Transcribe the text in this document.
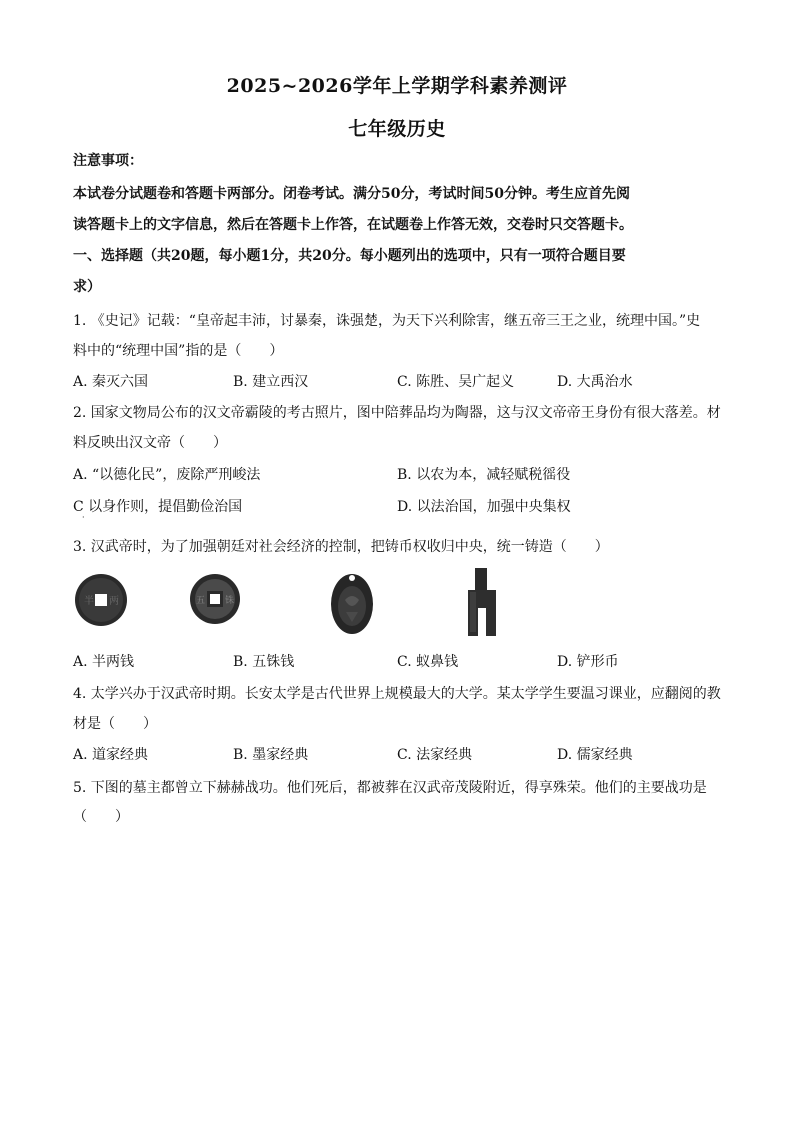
2025~2026学年上学期学科素养测评
七年级历史
注意事项：
本试卷分试题卷和答题卡两部分。闭卷考试。满分50分，考试时间50分钟。考生应首先阅
读答题卡上的文字信息，然后在答题卡上作答，在试题卷上作答无效，交卷时只交答题卡。
一、选择题（共20题，每小题1分，共20分。每小题列出的选项中，只有一项符合题目要
求）
1. 《史记》记载：“皇帝起丰沛，讨暴秦，诛强楚，为天下兴利除害，继五帝三王之业，统理中国。”史
料中的“统理中国”指的是（　　）
A. 秦灭六国	B. 建立西汉	C. 陈胜、吴广起义	D. 大禹治水
2. 国家文物局公布的汉文帝霸陵的考古照片，图中陪葬品均为陶器，这与汉文帝帝王身份有很大落差。材
料反映出汉文帝（　　）
A. “以德化民”，废除严刑峻法	B. 以农为本，减轻赋税徭役
C 以身作则，提倡勤俭治国	D. 以法治国，加强中央集权
·
3. 汉武帝时，为了加强朝廷对社会经济的控制，把铸币权收归中央，统一铸造（　　）
半 两	五 铢
A. 半两钱	B. 五铢钱	C. 蚁鼻钱	D. 铲形币
4. 太学兴办于汉武帝时期。长安太学是古代世界上规模最大的大学。某太学学生要温习课业，应翻阅的教
材是（　　）
A. 道家经典	B. 墨家经典	C. 法家经典	D. 儒家经典
5. 下图的墓主都曾立下赫赫战功。他们死后，都被葬在汉武帝茂陵附近，得享殊荣。他们的主要战功是
（　　）
